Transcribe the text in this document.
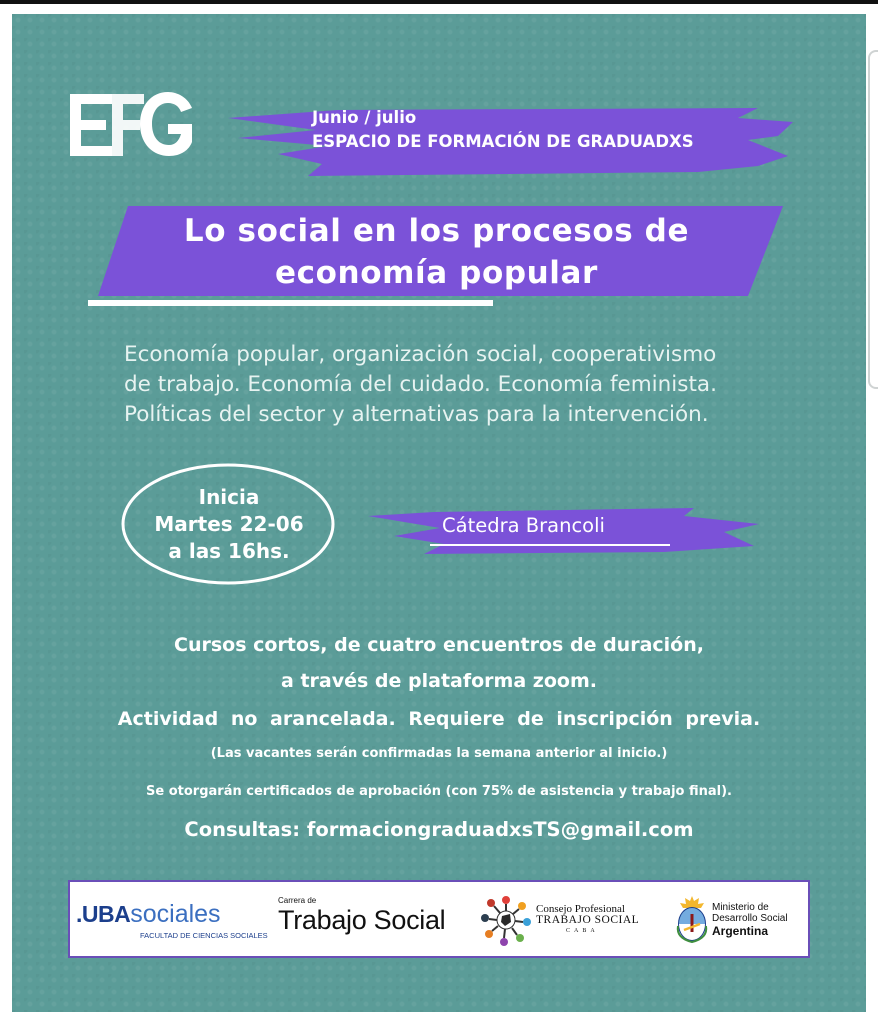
Junio / julio
ESPACIO DE FORMACIÓN DE GRADUADXS
Lo social en los procesos de
economía popular
Economía popular, organización social, cooperativismo
de trabajo. Economía del cuidado. Economía feminista.
Políticas del sector y alternativas para la intervención.
Inicia
Martes 22-06
a las 16hs.
Cátedra Brancoli
Cursos cortos, de cuatro encuentros de duración,
a través de plataforma zoom.
Actividad no arancelada. Requiere de inscripción previa.
(Las vacantes serán confirmadas la semana anterior al inicio.)
Se otorgarán certificados de aprobación (con 75% de asistencia y trabajo final).
Consultas: formaciongraduadxsTS@gmail.com
.UBAsociales
FACULTAD DE CIENCIAS SOCIALES
Carrera de
Trabajo Social	Consejo Profesional
TRABAJO SOCIAL
CABA
Ministerio de
Desarrollo Social
Argentina
